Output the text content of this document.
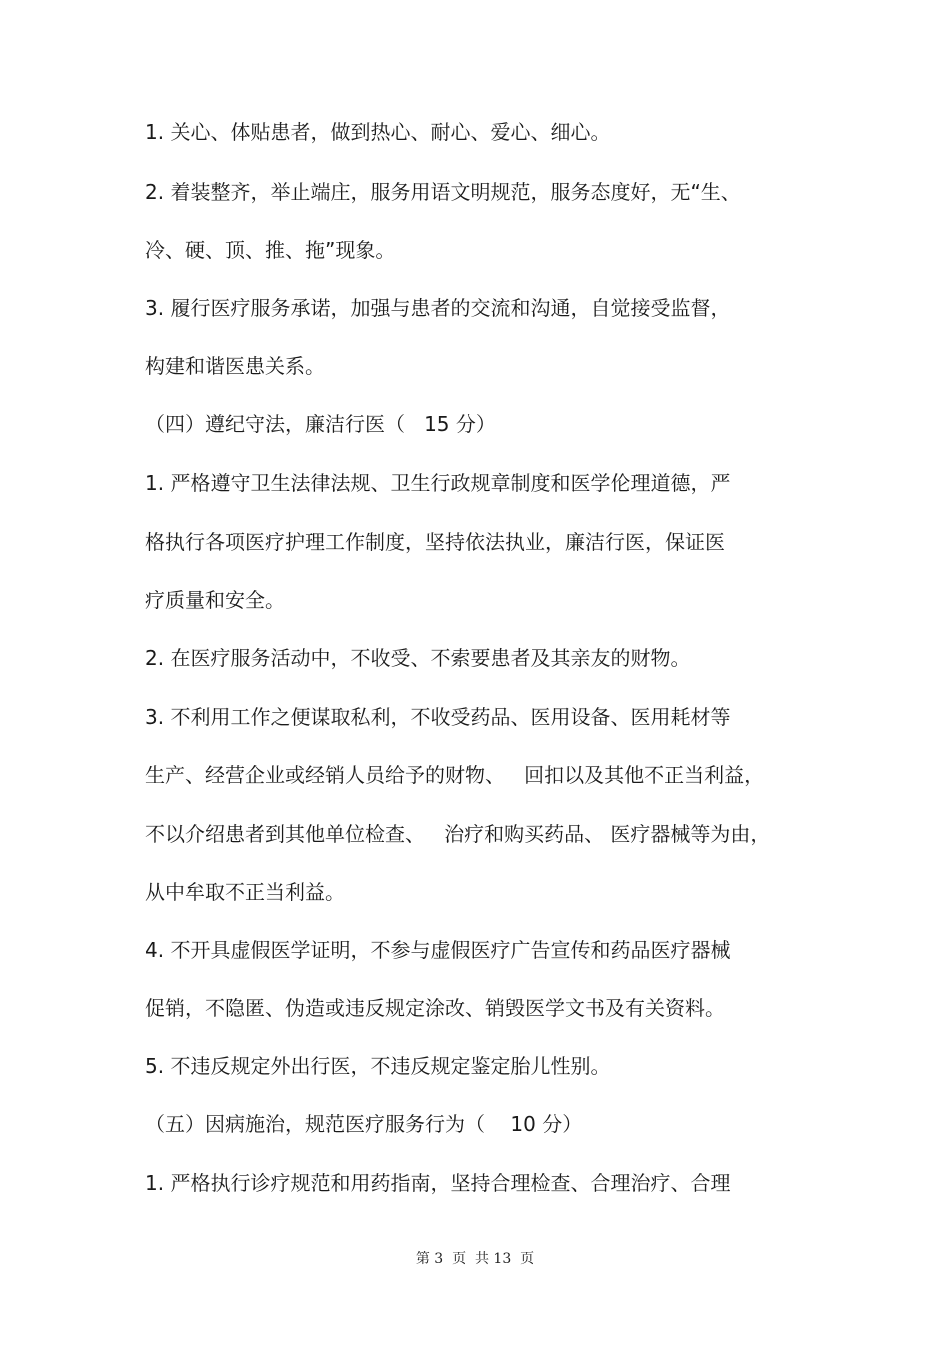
1. 关心、体贴患者，做到热心、耐心、爱心、细心。
2. 着装整齐，举止端庄，服务用语文明规范，服务态度好，无“生、
冷、硬、顶、推、拖”现象。
3. 履行医疗服务承诺，加强与患者的交流和沟通，自觉接受监督，
构建和谐医患关系。
（四）遵纪守法，廉洁行医（   15 分）
1. 严格遵守卫生法律法规、卫生行政规章制度和医学伦理道德，严
格执行各项医疗护理工作制度，坚持依法执业，廉洁行医，保证医
疗质量和安全。
2. 在医疗服务活动中，不收受、不索要患者及其亲友的财物。
3. 不利用工作之便谋取私利，不收受药品、医用设备、医用耗材等
生产、经营企业或经销人员给予的财物、   回扣以及其他不正当利益，
不以介绍患者到其他单位检查、   治疗和购买药品、 医疗器械等为由，
从中牟取不正当利益。
4. 不开具虚假医学证明，不参与虚假医疗广告宣传和药品医疗器械
促销，不隐匿、伪造或违反规定涂改、销毁医学文书及有关资料。
5. 不违反规定外出行医，不违反规定鉴定胎儿性别。
（五）因病施治，规范医疗服务行为（    10 分）
1. 严格执行诊疗规范和用药指南，坚持合理检查、合理治疗、合理
第 3  页  共 13  页
